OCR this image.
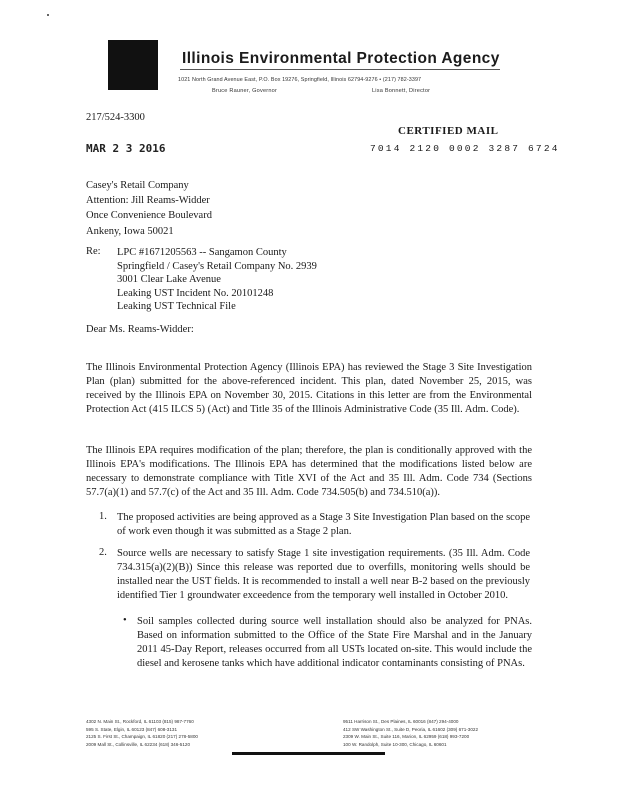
Illinois Environmental Protection Agency
1021 North Grand Avenue East, P.O. Box 19276, Springfield, Illinois 62794-9276 • (217) 782-3397
Bruce Rauner, Governor	Lisa Bonnett, Director
217/524-3300
CERTIFIED MAIL
7014 2120 0002 3287 6724
MAR 2 3 2016
Casey's Retail Company
Attention: Jill Reams-Widder
Once Convenience Boulevard
Ankeny, Iowa 50021
Re: LPC #1671205563 -- Sangamon County
Springfield / Casey's Retail Company No. 2939
3001 Clear Lake Avenue
Leaking UST Incident No. 20101248
Leaking UST Technical File
Dear Ms. Reams-Widder:
The Illinois Environmental Protection Agency (Illinois EPA) has reviewed the Stage 3 Site Investigation Plan (plan) submitted for the above-referenced incident. This plan, dated November 25, 2015, was received by the Illinois EPA on November 30, 2015. Citations in this letter are from the Environmental Protection Act (415 ILCS 5) (Act) and Title 35 of the Illinois Administrative Code (35 Ill. Adm. Code).
The Illinois EPA requires modification of the plan; therefore, the plan is conditionally approved with the Illinois EPA's modifications. The Illinois EPA has determined that the modifications listed below are necessary to demonstrate compliance with Title XVI of the Act and 35 Ill. Adm. Code 734 (Sections 57.7(a)(1) and 57.7(c) of the Act and 35 Ill. Adm. Code 734.505(b) and 734.510(a)).
1. The proposed activities are being approved as a Stage 3 Site Investigation Plan based on the scope of work even though it was submitted as a Stage 2 plan.
2. Source wells are necessary to satisfy Stage 1 site investigation requirements. (35 Ill. Adm. Code 734.315(a)(2)(B)) Since this release was reported due to overfills, monitoring wells should be installed near the UST fields. It is recommended to install a well near B-2 based on the previously identified Tier 1 groundwater exceedence from the temporary well installed in October 2010.
• Soil samples collected during source well installation should also be analyzed for PNAs. Based on information submitted to the Office of the State Fire Marshal and in the January 2011 45-Day Report, releases occurred from all USTs located on-site. This would include the diesel and kerosene tanks which have additional indicator contaminants consisting of PNAs.
4302 N. Main St., Rockford, IL 61103 (815) 987-7760
595 S. State, Elgin, IL 60123 (847) 608-3131
2125 S. First St., Champaign, IL 61820 (217) 278-5800
2009 Mall St., Collinsville, IL 62234 (618) 346-5120
9511 Harrison St., Des Plaines, IL 60016 (847) 294-4000
412 SW Washington St., Suite D, Peoria, IL 61602 (309) 671-3022
2309 W. Main St., Suite 116, Marion, IL 62959 (618) 993-7200
100 W. Randolph, Suite 10-300, Chicago, IL 60601
